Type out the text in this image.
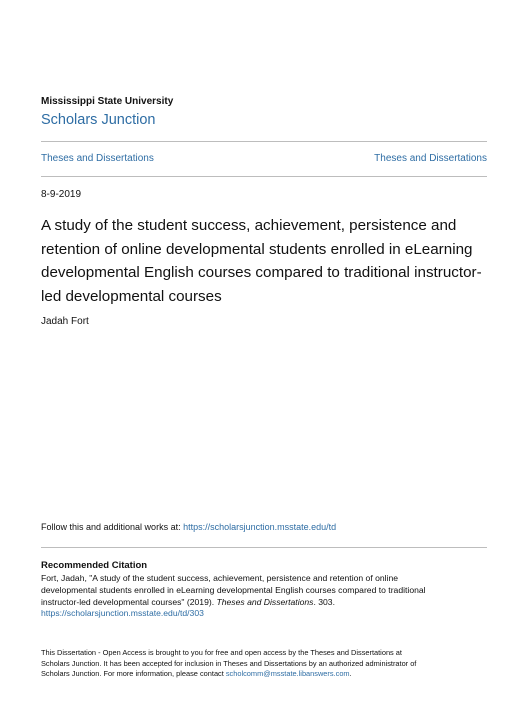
Mississippi State University
Scholars Junction
Theses and Dissertations	Theses and Dissertations
8-9-2019
A study of the student success, achievement, persistence and
retention of online developmental students enrolled in eLearning
developmental English courses compared to traditional instructor-
led developmental courses
Jadah Fort
Follow this and additional works at: https://scholarsjunction.msstate.edu/td
Recommended Citation

Fort, Jadah, "A study of the student success, achievement, persistence and retention of online
developmental students enrolled in eLearning developmental English courses compared to traditional
instructor-led developmental courses" (2019). Theses and Dissertations. 303.
https://scholarsjunction.msstate.edu/td/303

This Dissertation - Open Access is brought to you for free and open access by the Theses and Dissertations at
Scholars Junction. It has been accepted for inclusion in Theses and Dissertations by an authorized administrator of
Scholars Junction. For more information, please contact scholcomm@msstate.libanswers.com.
